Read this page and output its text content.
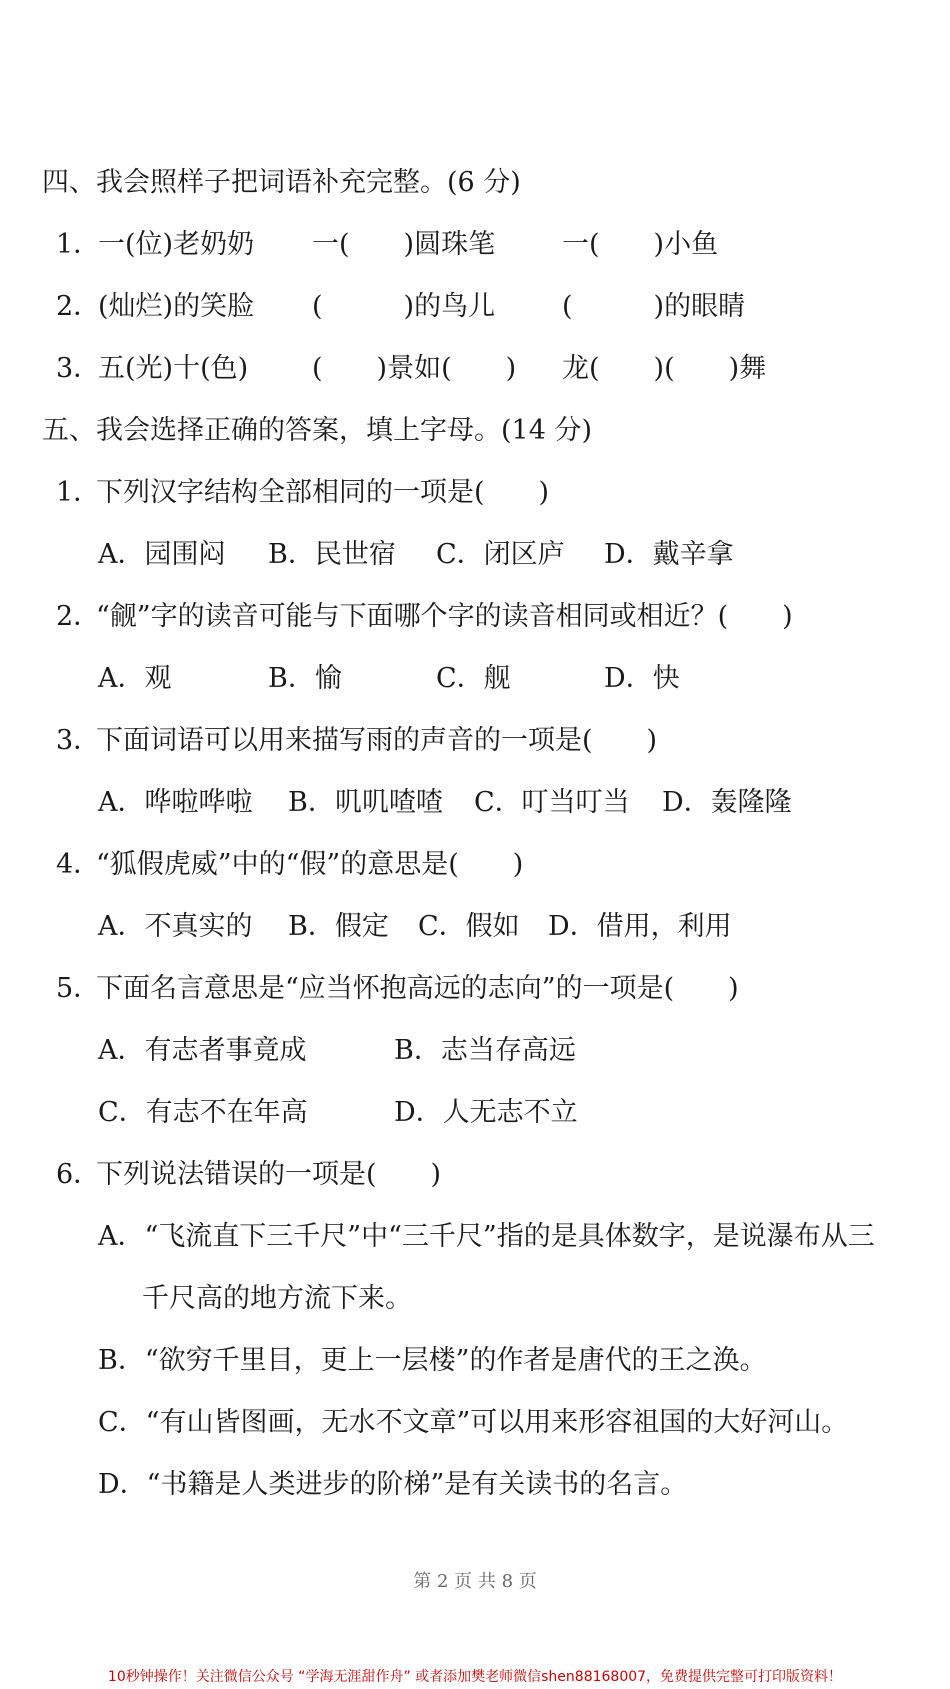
四、我会照样子把词语补充完整。(6 分)
1．
一(位)老奶奶 一(　　)圆珠笔 一(　　)小鱼
2．
(灿烂)的笑脸 (　　　)的鸟儿 (　　　)的眼睛
3．
五(光)十(色) (　　)景如(　　) 龙(　　)(　　)舞
五、我会选择正确的答案，填上字母。(14 分)
1．下列汉字结构全部相同的一项是(　　)
A．园围闷 B．民世宿 C．闭区庐 D．戴辛拿
2．“觎”字的读音可能与下面哪个字的读音相同或相近？(　　)
A．观	B．愉	C．舰	D．快
3．下面词语可以用来描写雨的声音的一项是(　　)
A．哗啦哗啦 B．叽叽喳喳 C．叮当叮当 D．轰隆隆
4．“狐假虎威”中的“假”的意思是(　　)
A．不真实的 B．假定 C．假如 D．借用，利用
5．下面名言意思是“应当怀抱高远的志向”的一项是(　　)
A．有志者事竟成	B．志当存高远
C．有志不在年高	D．人无志不立
6．下列说法错误的一项是(　　)
A．“飞流直下三千尺”中“三千尺”指的是具体数字，是说瀑布从三
千尺高的地方流下来。
B．“欲穷千里目，更上一层楼”的作者是唐代的王之涣。
C．“有山皆图画，无水不文章”可以用来形容祖国的大好河山。
D．“书籍是人类进步的阶梯”是有关读书的名言。
第 2 页 共 8 页
10秒钟操作！关注微信公众号 “学海无涯甜作舟” 或者添加樊老师微信shen88168007，免费提供完整可打印版资料！
